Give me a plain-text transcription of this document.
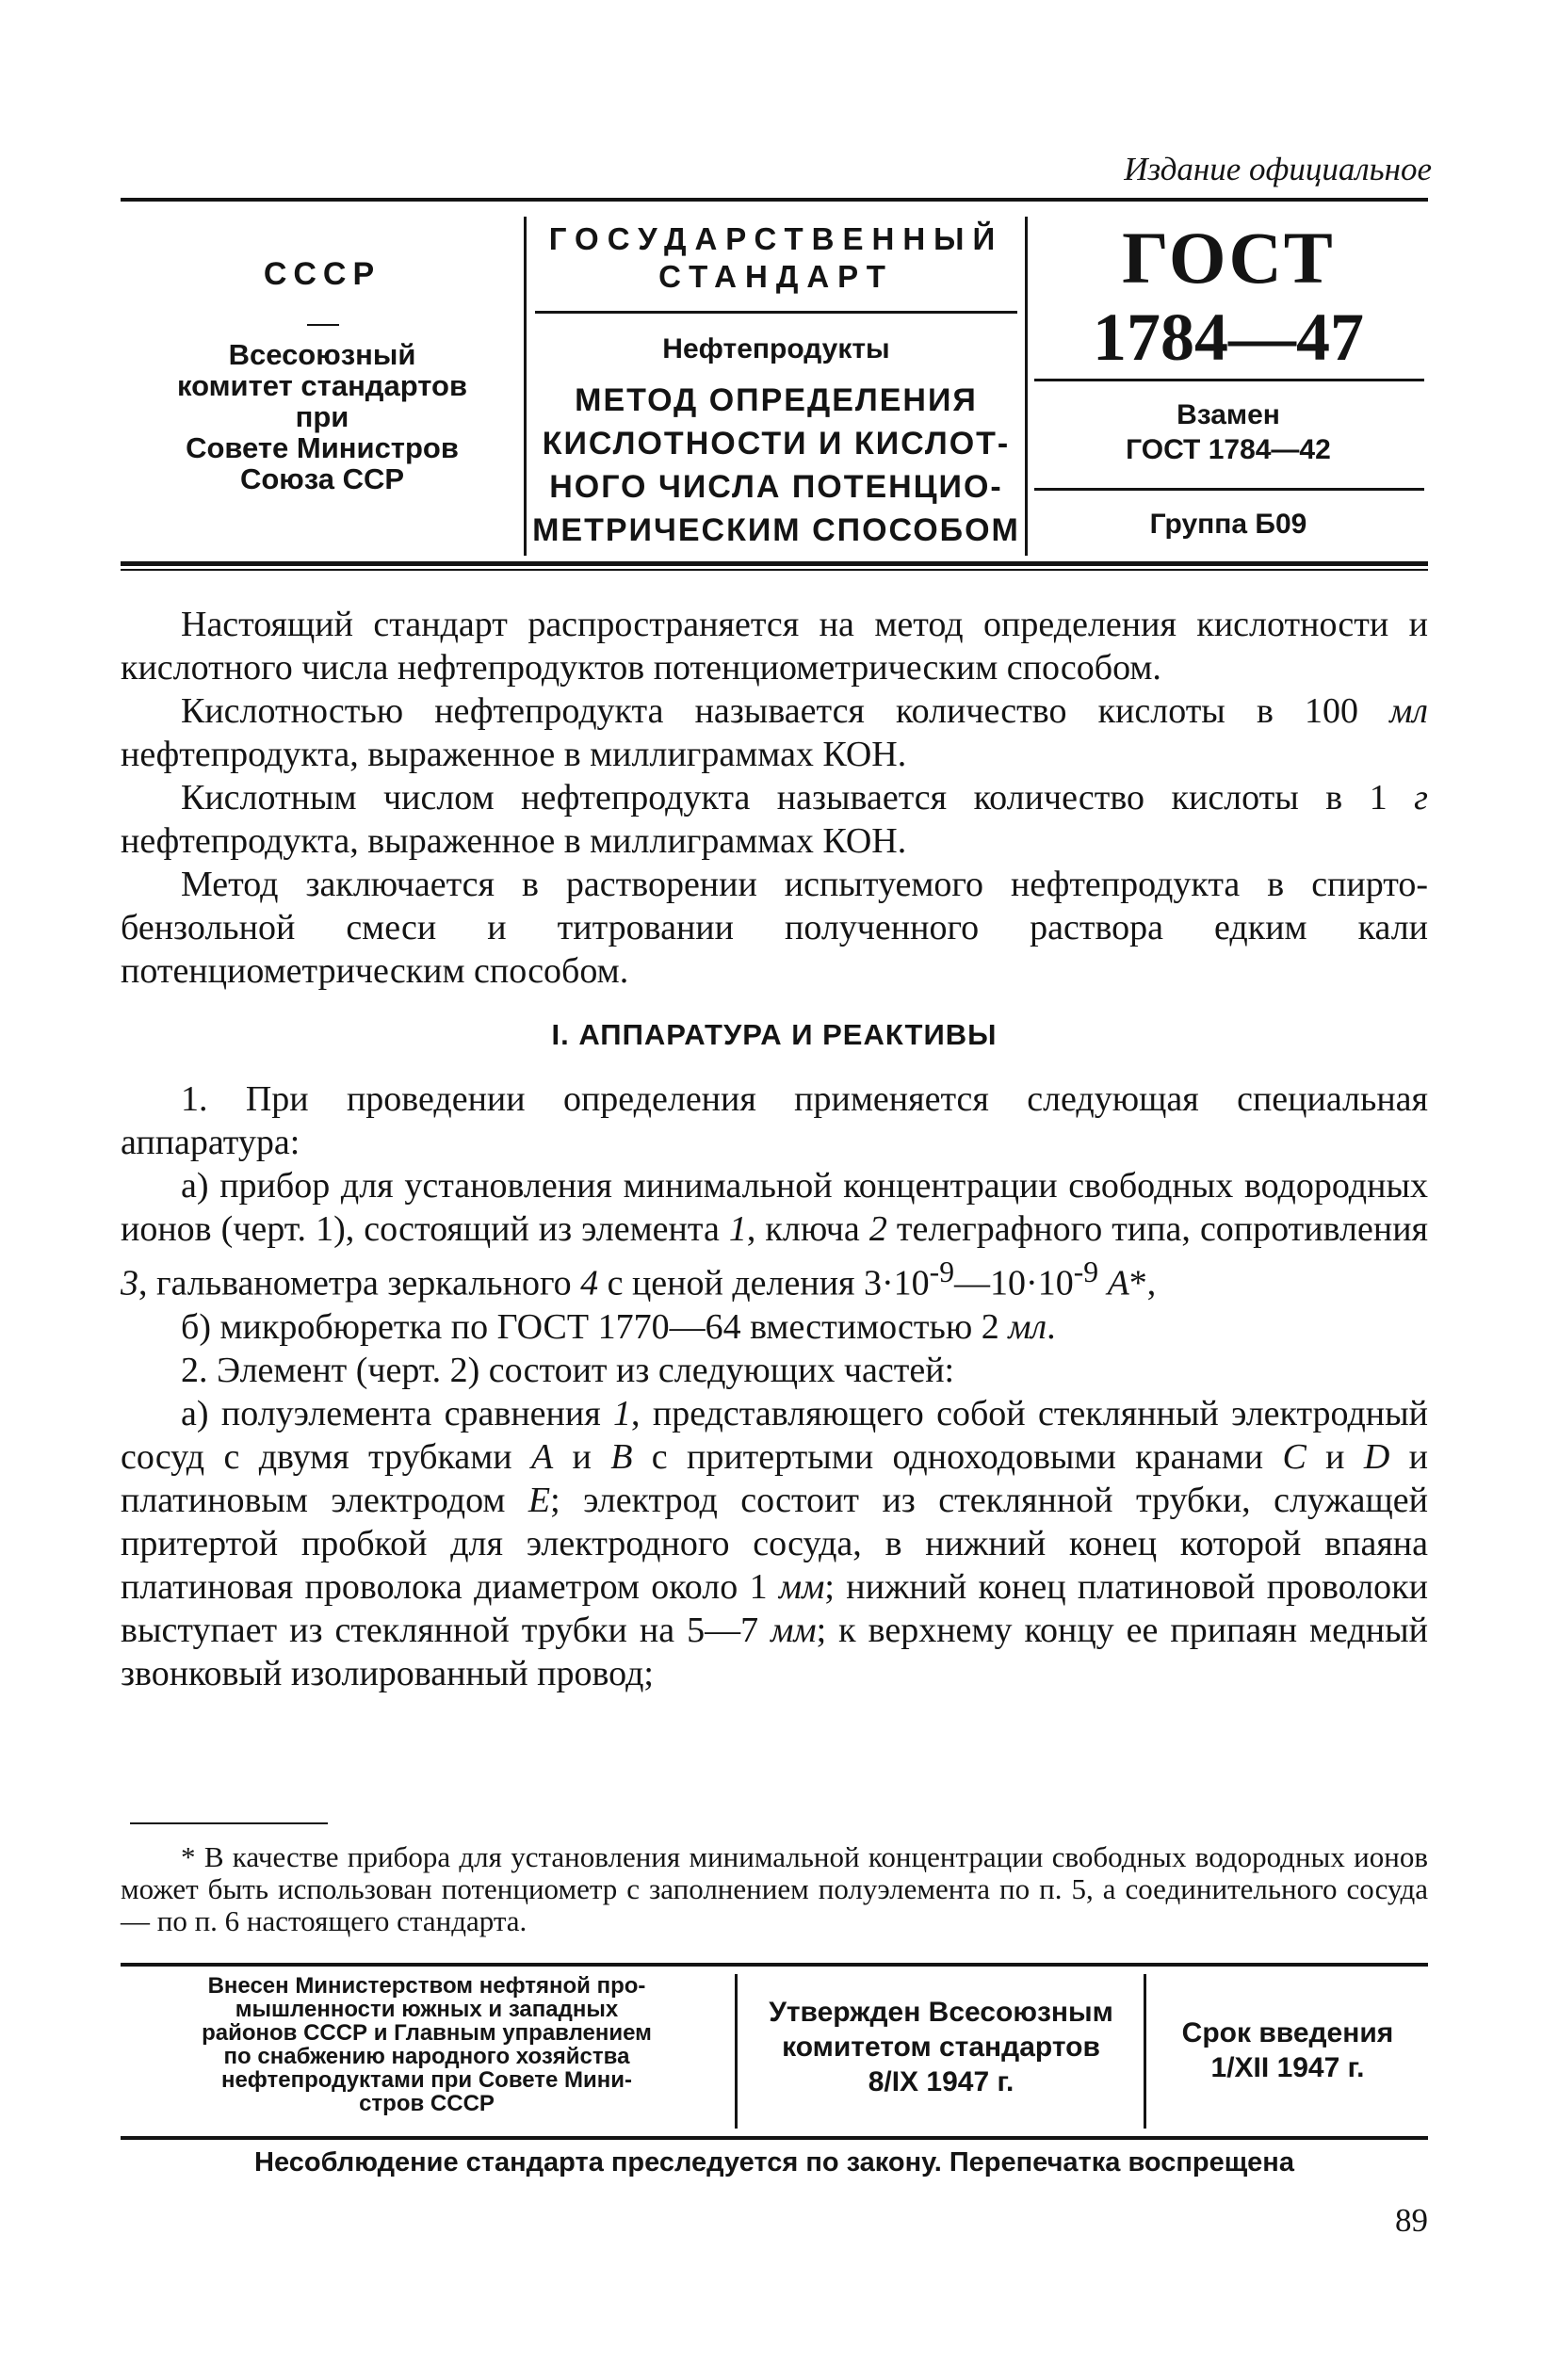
Издание официальное
СССР
Всесоюзный
комитет стандартов
при
Совете Министров
Союза ССР
ГОСУДАРСТВЕННЫЙ
СТАНДАРТ
Нефтепродукты
МЕТОД ОПРЕДЕЛЕНИЯ
КИСЛОТНОСТИ И КИСЛОТ-
НОГО ЧИСЛА ПОТЕНЦИО-
МЕТРИЧЕСКИМ СПОСОБОМ
ГОСТ
1784—47
Взамен
ГОСТ 1784—42
Группа Б09

Настоящий стандарт распространяется на метод определения кислотности и кислотного числа нефтепродуктов потенциометрическим способом.

Кислотностью нефтепродукта называется количество кислоты в 100 мл нефтепродукта, выраженное в миллиграммах КОН.

Кислотным числом нефтепродукта называется количество кислоты в 1 г нефтепродукта, выраженное в миллиграммах КОН.

Метод заключается в растворении испытуемого нефтепродукта в спирто-бензольной смеси и титровании полученного раствора едким кали потенциометрическим способом.

I. АППАРАТУРА И РЕАКТИВЫ

1. При проведении определения применяется следующая специальная аппаратура:

а) прибор для установления минимальной концентрации свободных водородных ионов (черт. 1), состоящий из элемента 1, ключа 2 телеграфного типа, сопротивления 3, гальванометра зеркального 4 с ценой деления $3\cdot 10^{-9}—10\cdot 10^{-9}$ А*,

б) микробюретка по ГОСТ 1770—64 вместимостью 2 мл.

2. Элемент (черт. 2) состоит из следующих частей:

а) полуэлемента сравнения 1, представляющего собой стеклянный электродный сосуд с двумя трубками А и В с притертыми одноходовыми кранами С и D и платиновым электродом Е; электрод состоит из стеклянной трубки, служащей притертой пробкой для электродного сосуда, в нижний конец которой впаяна платиновая проволока диаметром около 1 мм; нижний конец платиновой проволоки выступает из стеклянной трубки на 5—7 мм; к верхнему концу ее припаян медный звонковый изолированный провод;

* В качестве прибора для установления минимальной концентрации свободных водородных ионов может быть использован потенциометр с заполнением полуэлемента по п. 5, а соединительного сосуда — по п. 6 настоящего стандарта.
Внесен Министерством нефтяной про-
мышленности южных и западных
районов СССР и Главным управлением
по снабжению народного хозяйства
нефтепродуктами при Совете Мини-
стров СССР
Утвержден Всесоюзным
комитетом стандартов
8/IX 1947 г.
Срок введения
1/XII 1947 г.
Несоблюдение стандарта преследуется по закону. Перепечатка воспрещена
89
